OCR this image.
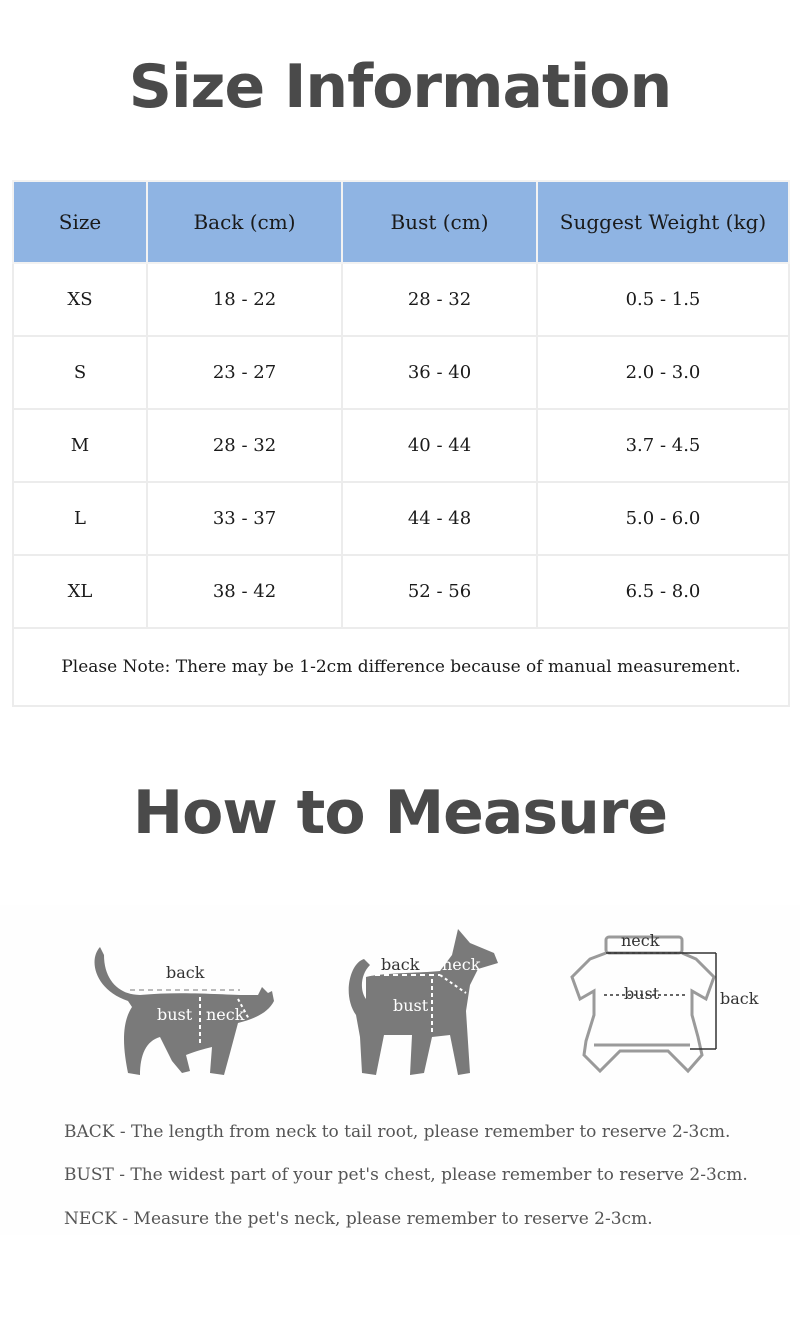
Size Information
Size	Back (cm)	Bust (cm)	Suggest Weight (kg)
XS	18 - 22	28 - 32	0.5 - 1.5
S	23 - 27	36 - 40	2.0 - 3.0
M	28 - 32	40 - 44	3.7 - 4.5
L	33 - 37	44 - 48	5.0 - 6.0
XL	38 - 42	52 - 56	6.5 - 8.0
Please Note: There may be 1-2cm difference because of manual measurement.			
How to Measure
back
bust neck
back
bust
neck
neck
bust	back
BACK - The length from neck to tail root, please remember to reserve 2-3cm.
BUST - The widest part of your pet's chest, please remember to reserve 2-3cm.
NECK - Measure the pet's neck, please remember to reserve 2-3cm.
